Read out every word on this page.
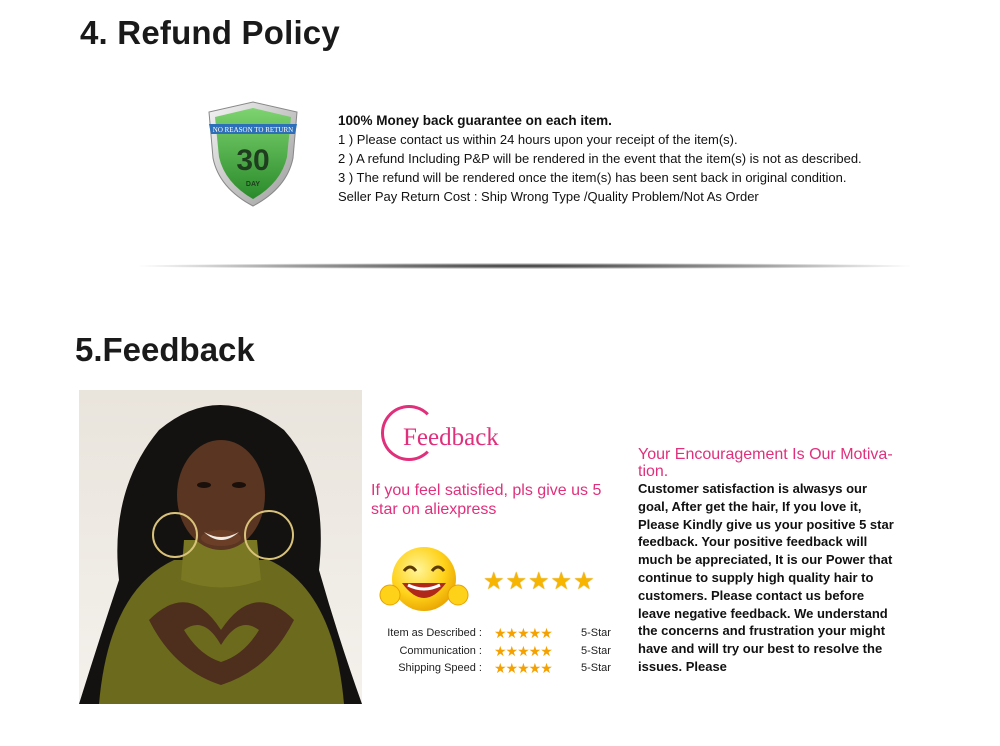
4. Refund Policy
NO REASON TO RETURN
30
DAY
100% Money back guarantee on each item.
1 ) Please contact us within 24 hours upon your receipt of the item(s).
2 ) A refund Including P&P will be rendered in the event that the item(s) is not as described.
3 ) The refund will be rendered once the item(s) has been sent back in original condition.
Seller Pay Return Cost : Ship Wrong Type /Quality Problem/Not As Order
5.Feedback
Feedback
If you feel satisfied, pls give us 5 star on aliexpress
★★★★★
Item as Described : ★★★★★	5-Star
Communication : ★★★★★	5-Star
Shipping Speed : ★★★★★	5-Star
Your Encouragement Is Our Motiva-tion.
Customer satisfaction is alwasys our goal, After get the hair, If you love it, Please Kindly give us your positive 5 star feedback. Your positive feedback will much be appreciated, It is our Power that continue to supply high quality hair to customers. Please contact us before leave negative feedback. We understand the concerns and frustration your might have and will try our best to resolve the issues. Please
